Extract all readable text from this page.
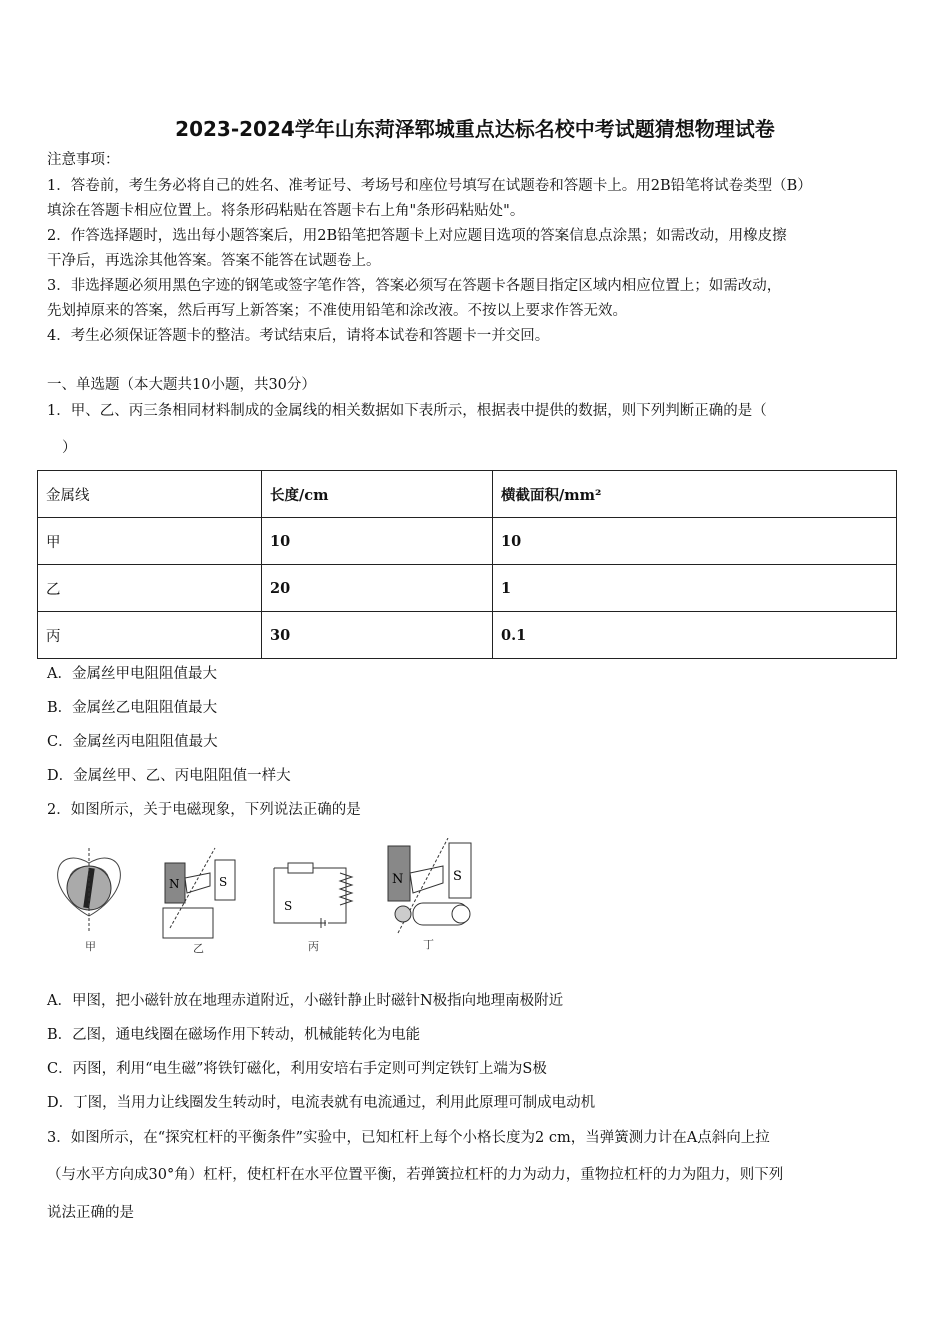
2023-2024学年山东菏泽郓城重点达标名校中考试题猜想物理试卷
注意事项：
1．答卷前，考生务必将自己的姓名、准考证号、考场号和座位号填写在试题卷和答题卡上。用2B铅笔将试卷类型（B）
填涂在答题卡相应位置上。将条形码粘贴在答题卡右上角"条形码粘贴处"。
2．作答选择题时，选出每小题答案后，用2B铅笔把答题卡上对应题目选项的答案信息点涂黑；如需改动，用橡皮擦
干净后，再选涂其他答案。答案不能答在试题卷上。
3．非选择题必须用黑色字迹的钢笔或签字笔作答，答案必须写在答题卡各题目指定区域内相应位置上；如需改动，
先划掉原来的答案，然后再写上新答案；不准使用铅笔和涂改液。不按以上要求作答无效。
4．考生必须保证答题卡的整洁。考试结束后，请将本试卷和答题卡一并交回。
一、单选题（本大题共10小题，共30分）
1．甲、乙、丙三条相同材料制成的金属线的相关数据如下表所示，根据表中提供的数据，则下列判断正确的是（
）
金属线	长度/cm	横截面积/mm²
甲	10	10
乙	20	1
丙	30	0.1
A．金属丝甲电阻阻值最大
B．金属丝乙电阻阻值最大
C．金属丝丙电阻阻值最大
D．金属丝甲、乙、丙电阻阻值一样大
2．如图所示，关于电磁现象，下列说法正确的是
甲
N	S
乙
S
丙
N	S
丁
A．甲图，把小磁针放在地理赤道附近，小磁针静止时磁针N极指向地理南极附近
B．乙图，通电线圈在磁场作用下转动，机械能转化为电能
C．丙图，利用“电生磁”将铁钉磁化，利用安培右手定则可判定铁钉上端为S极
D．丁图，当用力让线圈发生转动时，电流表就有电流通过，利用此原理可制成电动机
3．如图所示，在“探究杠杆的平衡条件”实验中，已知杠杆上每个小格长度为2 cm，当弹簧测力计在A点斜向上拉
（与水平方向成30°角）杠杆，使杠杆在水平位置平衡，若弹簧拉杠杆的力为动力，重物拉杠杆的力为阻力，则下列
说法正确的是
